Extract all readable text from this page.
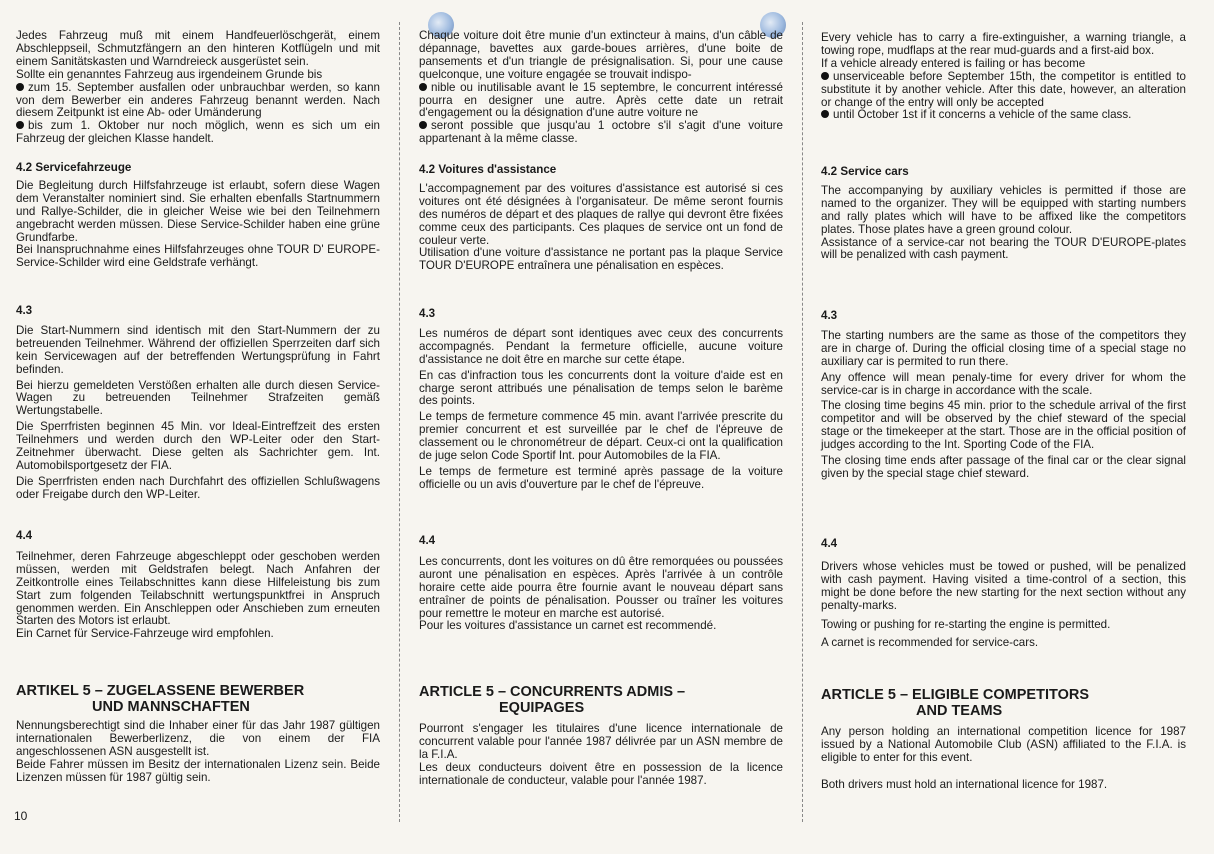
Jedes Fahrzeug muß mit einem Handfeuerlöschgerät, einem Abschleppseil, Schmutzfängern an den hinteren Kotflügeln und mit einem Sanitätskasten und Warndreieck ausgerüstet sein.

Sollte ein genanntes Fahrzeug aus irgendeinem Grunde bis

zum 15. September ausfallen oder unbrauchbar werden, so kann von dem Bewerber ein anderes Fahrzeug benannt werden. Nach diesem Zeitpunkt ist eine Ab- oder Umänderung

bis zum 1. Oktober nur noch möglich, wenn es sich um ein Fahrzeug der gleichen Klasse handelt.

4.2 Servicefahrzeuge

Die Begleitung durch Hilfsfahrzeuge ist erlaubt, sofern diese Wagen dem Veranstalter nominiert sind. Sie erhalten ebenfalls Startnummern und Rallye-Schilder, die in gleicher Weise wie bei den Teilnehmern angebracht werden müssen. Diese Service-Schilder haben eine grüne Grundfarbe.

Bei Inanspruchnahme eines Hilfsfahrzeuges ohne TOUR D' EUROPE-Service-Schilder wird eine Geldstrafe verhängt.

4.3

Die Start-Nummern sind identisch mit den Start-Nummern der zu betreuenden Teilnehmer. Während der offiziellen Sperrzeiten darf sich kein Servicewagen auf der betreffenden Wertungsprüfung in Fahrt befinden.

Bei hierzu gemeldeten Verstößen erhalten alle durch diesen Service-Wagen zu betreuenden Teilnehmer Strafzeiten gemäß Wertungstabelle.

Die Sperrfristen beginnen 45 Min. vor Ideal-Eintreffzeit des ersten Teilnehmers und werden durch den WP-Leiter oder den Start-Zeitnehmer überwacht. Diese gelten als Sachrichter gem. Int. Automobilsportgesetz der FIA.

Die Sperrfristen enden nach Durchfahrt des offiziellen Schlußwagens oder Freigabe durch den WP-Leiter.

4.4

Teilnehmer, deren Fahrzeuge abgeschleppt oder geschoben werden müssen, werden mit Geldstrafen belegt. Nach Anfahren der Zeitkontrolle eines Teilabschnittes kann diese Hilfeleistung bis zum Start zum folgenden Teilabschnitt wertungspunktfrei in Anspruch genommen werden. Ein Anschleppen oder Anschieben zum erneuten Starten des Motors ist erlaubt.

Ein Carnet für Service-Fahrzeuge wird empfohlen.

ARTIKEL 5 – ZUGELASSENE BEWERBER
UND MANNSCHAFTEN

Nennungsberechtigt sind die Inhaber einer für das Jahr 1987 gültigen internationalen Bewerberlizenz, die von einem der FIA angeschlossenen ASN ausgestellt ist.

Beide Fahrer müssen im Besitz der internationalen Lizenz sein. Beide Lizenzen müssen für 1987 gültig sein.

Chaque voiture doit être munie d'un extincteur à mains, d'un câble de dépannage, bavettes aux garde-boues arrières, d'une boite de pansements et d'un triangle de présignalisation. Si, pour une cause quelconque, une voiture engagée se trouvait indispo-

nible ou inutilisable avant le 15 septembre, le concurrent intéressé pourra en designer une autre. Après cette date un retrait d'engagement ou la désignation d'une autre voiture ne

seront possible que jusqu'au 1 octobre s'il s'agit d'une voiture appartenant à la même classe.

4.2 Voitures d'assistance

L'accompagnement par des voitures d'assistance est autorisé si ces voitures ont été désignées à l'organisateur. De même seront fournis des numéros de départ et des plaques de rallye qui devront être fixées comme ceux des participants. Ces plaques de service ont un fond de couleur verte.

Utilisation d'une voiture d'assistance ne portant pas la plaque Service TOUR D'EUROPE entraînera une pénalisation en espèces.

4.3

Les numéros de départ sont identiques avec ceux des concurrents accompagnés. Pendant la fermeture officielle, aucune voiture d'assistance ne doit être en marche sur cette étape.

En cas d'infraction tous les concurrents dont la voiture d'aide est en charge seront attribués une pénalisation de temps selon le barème des points.

Le temps de fermeture commence 45 min. avant l'arrivée prescrite du premier concurrent et est surveillée par le chef de l'épreuve de classement ou le chronométreur de départ. Ceux-ci ont la qualification de juge selon Code Sportif Int. pour Automobiles de la FIA.

Le temps de fermeture est terminé après passage de la voiture officielle ou un avis d'ouverture par le chef de l'épreuve.

4.4

Les concurrents, dont les voitures on dû être remorquées ou poussées auront une pénalisation en espèces. Après l'arrivée à un contrôle horaire cette aide pourra être fournie avant le nouveau départ sans entraîner de points de pénalisation. Pousser ou traîner les voitures pour remettre le moteur en marche est autorisé.

Pour les voitures d'assistance un carnet est recommendé.

ARTICLE 5 – CONCURRENTS ADMIS –
EQUIPAGES

Pourront s'engager les titulaires d'une licence internationale de concurrent valable pour l'année 1987 délivrée par un ASN membre de la F.I.A.

Les deux conducteurs doivent être en possession de la licence internationale de conducteur, valable pour l'année 1987.

Every vehicle has to carry a fire-extinguisher, a warning triangle, a towing rope, mudflaps at the rear mud-guards and a first-aid box.

If a vehicle already entered is failing or has become

unserviceable before September 15th, the competitor is entitled to substitute it by another vehicle. After this date, however, an alteration or change of the entry will only be accepted

until October 1st if it concerns a vehicle of the same class.

4.2 Service cars

The accompanying by auxiliary vehicles is permitted if those are named to the organizer. They will be equipped with starting numbers and rally plates which will have to be affixed like the competitors plates. Those plates have a green ground colour.

Assistance of a service-car not bearing the TOUR D'EUROPE-plates will be penalized with cash payment.

4.3

The starting numbers are the same as those of the competitors they are in charge of. During the official closing time of a special stage no auxiliary car is permited to run there.

Any offence will mean penaly-time for every driver for whom the service-car is in charge in accordance with the scale.

The closing time begins 45 min. prior to the schedule arrival of the first competitor and will be observed by the chief steward of the special stage or the timekeeper at the start. Those are in the official position of judges according to the Int. Sporting Code of the FIA.

The closing time ends after passage of the final car or the clear signal given by the special stage chief steward.

4.4

Drivers whose vehicles must be towed or pushed, will be penalized with cash payment. Having visited a time-control of a section, this might be done before the new starting for the next section without any penalty-marks.

Towing or pushing for re-starting the engine is permitted.

A carnet is recommended for service-cars.

ARTICLE 5 – ELIGIBLE COMPETITORS
AND TEAMS

Any person holding an international competition licence for 1987 issued by a National Automobile Club (ASN) affiliated to the F.I.A. is eligible to enter for this event.

Both drivers must hold an international licence for 1987.

10
